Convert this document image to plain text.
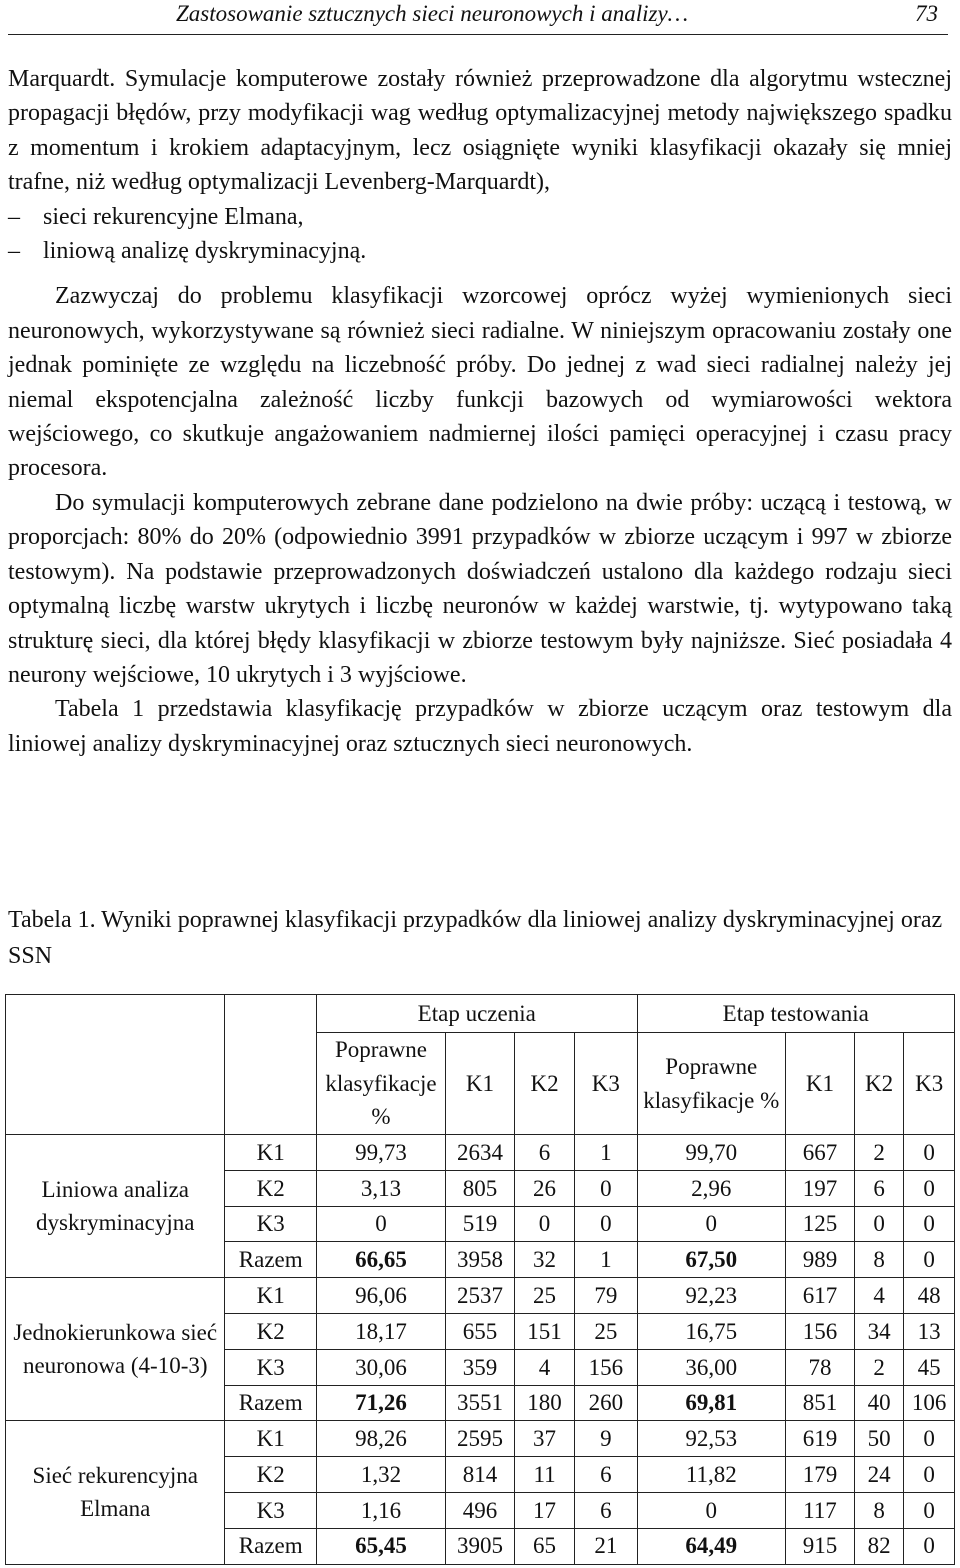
Zastosowanie sztucznych sieci neuronowych i analizy…	73

Marquardt. Symulacje komputerowe zostały również przeprowadzone dla algorytmu wstecznej propagacji błędów, przy modyfikacji wag według optymalizacyjnej metody największego spadku z momentum i krokiem adaptacyjnym, lecz osiągnięte wyniki klasyfikacji okazały się mniej trafne, niż według optymalizacji Levenberg-Marquardt),

– sieci rekurencyjne Elmana,
– liniową analizę dyskryminacyjną.

Zazwyczaj do problemu klasyfikacji wzorcowej oprócz wyżej wymienionych sieci neuronowych, wykorzystywane są również sieci radialne. W niniejszym opracowaniu zostały one jednak pominięte ze względu na liczebność próby. Do jednej z wad sieci radialnej należy jej niemal ekspotencjalna zależność liczby funkcji bazowych od wymiarowości wektora wejściowego, co skutkuje angażowaniem nadmiernej ilości pamięci operacyjnej i czasu pracy procesora.

Do symulacji komputerowych zebrane dane podzielono na dwie próby: uczącą i testową, w proporcjach: 80% do 20% (odpowiednio 3991 przypadków w zbiorze uczącym i 997 w zbiorze testowym). Na podstawie przeprowadzonych doświadczeń ustalono dla każdego rodzaju sieci optymalną liczbę warstw ukrytych i liczbę neuronów w każdej warstwie, tj. wytypowano taką strukturę sieci, dla której błędy klasyfikacji w zbiorze testowym były najniższe. Sieć posiadała 4 neurony wejściowe, 10 ukrytych i 3 wyjściowe.

Tabela 1 przedstawia klasyfikację przypadków w zbiorze uczącym oraz testowym dla liniowej analizy dyskryminacyjnej oraz sztucznych sieci neuronowych.

Tabela 1. Wyniki poprawnej klasyfikacji przypadków dla liniowej analizy dyskryminacyjnej oraz SSN
		Etap uczenia				Etap testowania			
		Poprawne klasyfikacje %	K1	K2	K3	Poprawne klasyfikacje %	K1	K2	K3
Liniowa analiza dyskryminacyjna	K1	99,73	2634	6	1	99,70	667	2	0
	K2	3,13	805	26	0	2,96	197	6	0
	K3	0	519	0	0	0	125	0	0
	Razem	66,65	3958	32	1	67,50	989	8	0
Jednokierunkowa sieć neuronowa (4-10-3)	K1	96,06	2537	25	79	92,23	617	4	48
	K2	18,17	655	151	25	16,75	156	34	13
	K3	30,06	359	4	156	36,00	78	2	45
	Razem	71,26	3551	180	260	69,81	851	40	106
Sieć rekurencyjna Elmana	K1	98,26	2595	37	9	92,53	619	50	0
	K2	1,32	814	11	6	11,82	179	24	0
	K3	1,16	496	17	6	0	117	8	0
	Razem	65,45	3905	65	21	64,49	915	82	0
